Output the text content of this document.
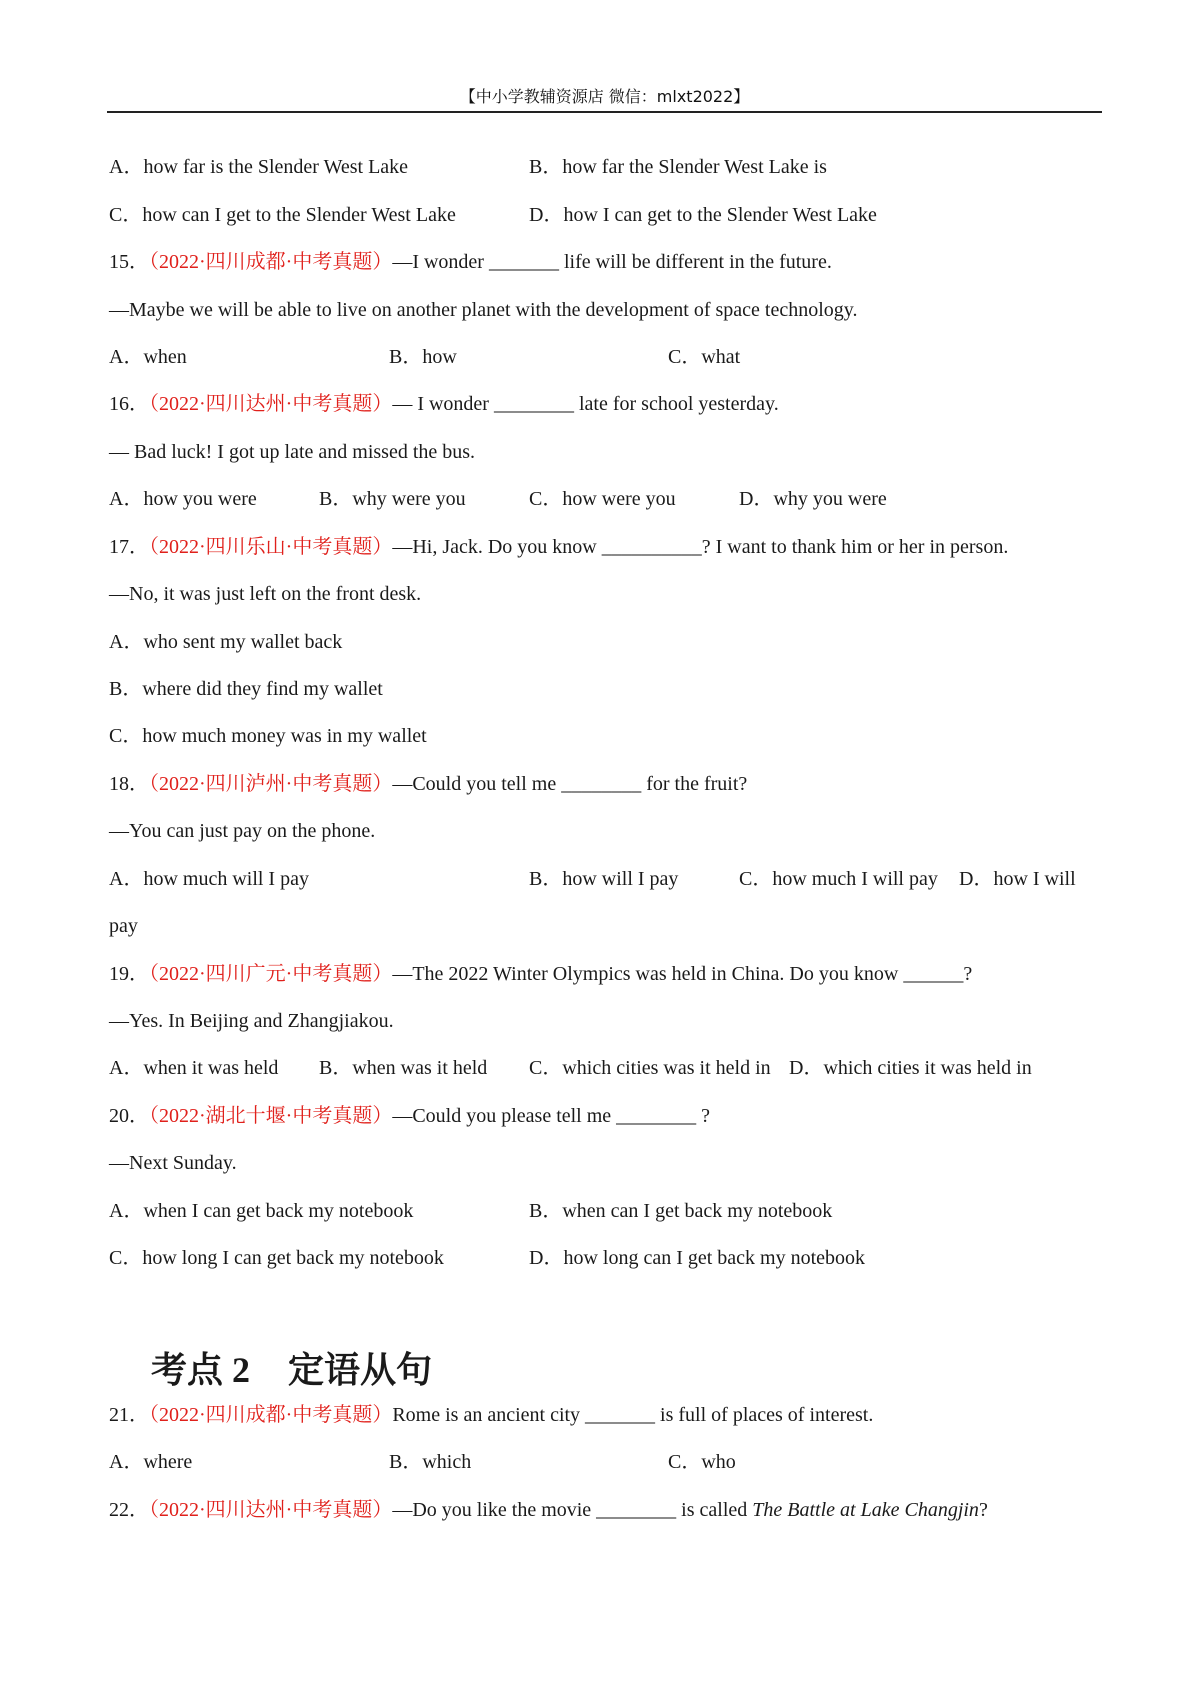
【中小学教辅资源店 微信：mlxt2022】
A．how far is the Slender West Lake	B．how far the Slender West Lake is
C．how can I get to the Slender West Lake	D．how I can get to the Slender West Lake
15．（2022·四川成都·中考真题）—I wonder _______ life will be different in the future.
—Maybe we will be able to live on another planet with the development of space technology.
A．when	B．how	C．what
16．（2022·四川达州·中考真题）— I wonder ________ late for school yesterday.
— Bad luck! I got up late and missed the bus.
A．how you were	B．why were you	C．how were you	D．why you were
17．（2022·四川乐山·中考真题）—Hi, Jack. Do you know __________? I want to thank him or her in person.
—No, it was just left on the front desk.
A．who sent my wallet back
B．where did they find my wallet
C．how much money was in my wallet
18．（2022·四川泸州·中考真题）—Could you tell me ________ for the fruit?
—You can just pay on the phone.
A．how much will I pay	B．how will I pay	C．how much I will pay D．how I will
pay
19．（2022·四川广元·中考真题）—The 2022 Winter Olympics was held in China. Do you know ______?
—Yes. In Beijing and Zhangjiakou.
A．when it was held B．when was it held C．which cities was it held in D．which cities it was held in
20．（2022·湖北十堰·中考真题）—Could you please tell me ________ ?
—Next Sunday.
A．when I can get back my notebook	B．when can I get back my notebook
C．how long I can get back my notebook	D．how long can I get back my notebook
考点 2 定语从句
21．（2022·四川成都·中考真题）Rome is an ancient city _______ is full of places of interest.
A．where	B．which	C．who
22．（2022·四川达州·中考真题）—Do you like the movie ________ is called The Battle at Lake Changjin?
